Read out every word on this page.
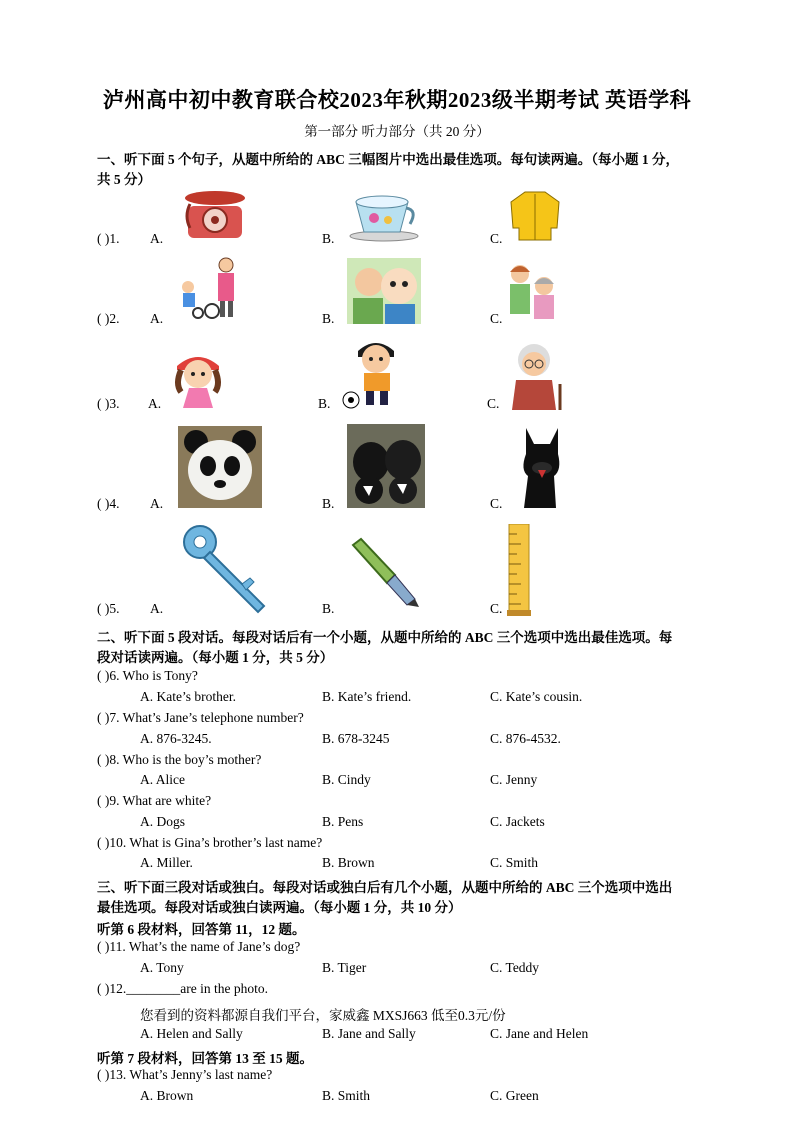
泸州高中初中教育联合校2023年秋期2023级半期考试 英语学科
第一部分 听力部分（共 20 分）
一、听下面 5 个句子，从题中所给的 ABC 三幅图片中选出最佳选项。每句读两遍。（每小题 1 分，
共 5 分）
( )1. A.	B.	C.
( )2. A.	B.	C.
( )3. A.	B.	C.
( )4. A.	B.	C.
( )5. A.	B.	C.
二、听下面 5 段对话。每段对话后有一个小题，从题中所给的 ABC 三个选项中选出最佳选项。每
段对话读两遍。（每小题 1 分，共 5 分）
( )6. Who is Tony?
A. Kate’s brother.	B. Kate’s friend.	C. Kate’s cousin.
( )7. What’s Jane’s telephone number?
A. 876-3245.	B. 678-3245	C. 876-4532.
( )8. Who is the boy’s mother?
A. Alice	B. Cindy	C. Jenny
( )9. What are white?
A. Dogs	B. Pens	C. Jackets
( )10. What is Gina’s brother’s last name?
A. Miller.	B. Brown	C. Smith
三、听下面三段对话或独白。每段对话或独白后有几个小题，从题中所给的 ABC 三个选项中选出
最佳选项。每段对话或独白读两遍。（每小题 1 分，共 10 分）
听第 6 段材料，回答第 11，12 题。
( )11. What’s the name of Jane’s dog?
A. Tony	B. Tiger	C. Teddy
( )12.________are in the photo.
您看到的资料都源自我们平台，家威鑫 MXSJ663 低至0.3元/份
A. Helen and Sally	B. Jane and Sally	C. Jane and Helen
听第 7 段材料，回答第 13 至 15 题。
( )13. What’s Jenny’s last name?
A. Brown	B. Smith	C. Green
